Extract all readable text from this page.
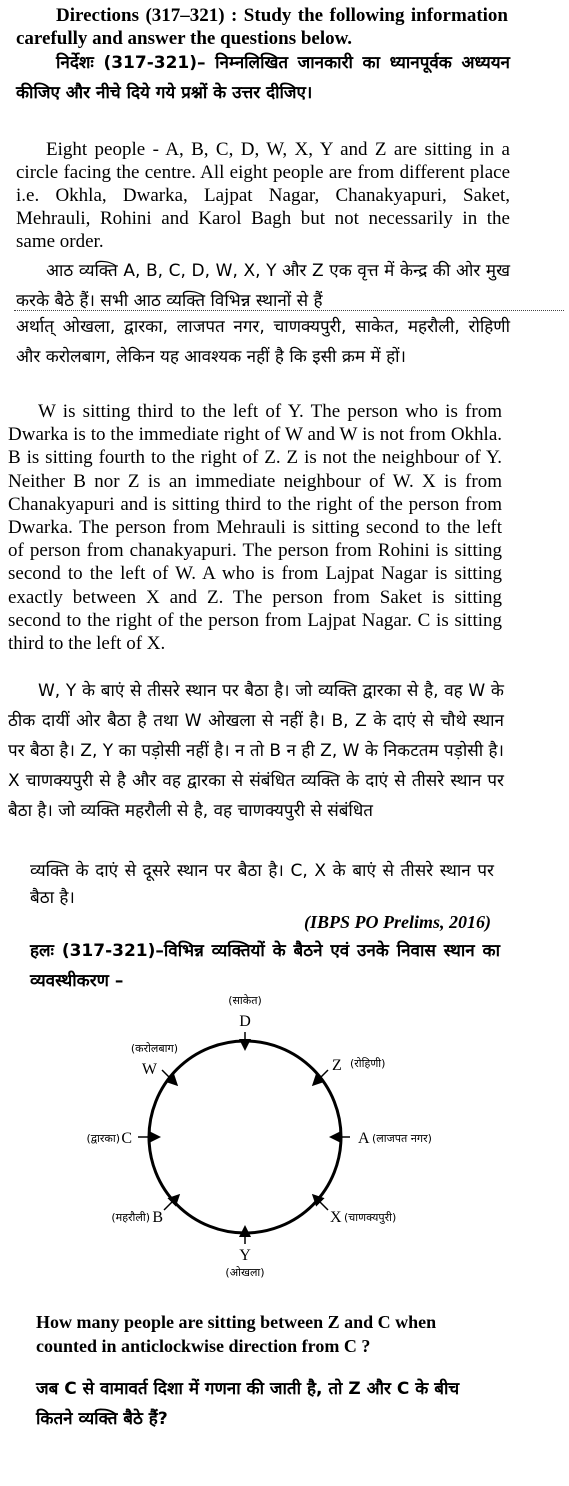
Directions (317–321) : Study the following information carefully and answer the questions below.
निर्देशः (317-321)– निम्नलिखित जानकारी का ध्यानपूर्वक अध्ययन कीजिए और नीचे दिये गये प्रश्नों के उत्तर दीजिए।
Eight people - A, B, C, D, W, X, Y and Z are sitting in a circle facing the centre. All eight people are from different place i.e. Okhla, Dwarka, Lajpat Nagar, Chanakyapuri, Saket, Mehrauli, Rohini and Karol Bagh but not necessarily in the same order.
आठ व्यक्ति A, B, C, D, W, X, Y और Z एक वृत्त में केन्द्र की ओर मुख करके बैठे हैं। सभी आठ व्यक्ति विभिन्न स्थानों से हैं
अर्थात् ओखला, द्वारका, लाजपत नगर, चाणक्यपुरी, साकेत, महरौली, रोहिणी और करोलबाग, लेकिन यह आवश्यक नहीं है कि इसी क्रम में हों।
W is sitting third to the left of Y. The person who is from Dwarka is to the immediate right of W and W is not from Okhla. B is sitting fourth to the right of Z. Z is not the neighbour of Y. Neither B nor Z is an immediate neighbour of W. X is from Chanakyapuri and is sitting third to the right of the person from Dwarka. The person from Mehrauli is sitting second to the left of person from chanakyapuri. The person from Rohini is sitting second to the left of W. A who is from Lajpat Nagar is sitting exactly between X and Z. The person from Saket is sitting second to the right of the person from Lajpat Nagar. C is sitting third to the left of X.
W, Y के बाएं से तीसरे स्थान पर बैठा है। जो व्यक्ति द्वारका से है, वह W के ठीक दायीं ओर बैठा है तथा W ओखला से नहीं है। B, Z के दाएं से चौथे स्थान पर बैठा है। Z, Y का पड़ोसी नहीं है। न तो B न ही Z, W के निकटतम पड़ोसी है। X चाणक्यपुरी से है और वह द्वारका से संबंधित व्यक्ति के दाएं से तीसरे स्थान पर बैठा है। जो व्यक्ति महरौली से है, वह चाणक्यपुरी से संबंधित
व्यक्ति के दाएं से दूसरे स्थान पर बैठा है। C, X के बाएं से तीसरे स्थान पर बैठा है।
(IBPS PO Prelims, 2016)
हलः (317-321)–विभिन्न व्यक्तियों के बैठने एवं उनके निवास स्थान का व्यवस्थीकरण –
D
(साकेत)
Z (रोहिणी)
A (लाजपत नगर)
X (चाणक्यपुरी)
Y
(ओखला)
B
(महरौली)
C
(द्वारका)
W
(करोलबाग)
How many people are sitting between Z and C when counted in anticlockwise direction from C ?
जब C से वामावर्त दिशा में गणना की जाती है, तो Z और C के बीच कितने व्यक्ति बैठे हैं?
